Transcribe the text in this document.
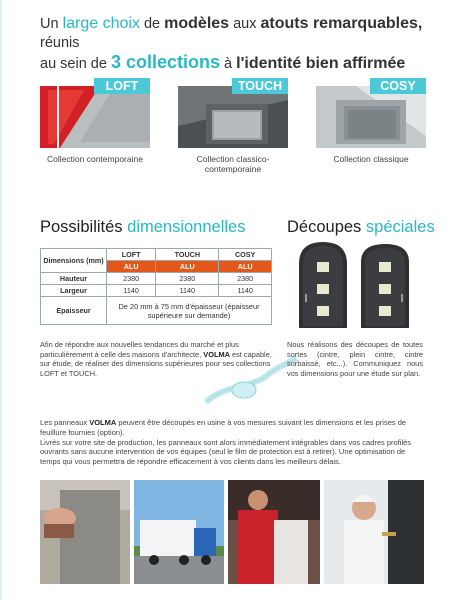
Un large choix de modèles aux atouts remarquables, réunis
au sein de 3 collections à l'identité bien affirmée
LOFT
Collection contemporaine
TOUCH
Collection classico-contemporaine
COSY
Collection classique
Possibilités dimensionnelles	Découpes spéciales
Dimensions (mm)	LOFT	TOUCH	COSY
	ALU	ALU	ALU
Hauteur	2380	2380	2380
Largeur	1140	1140	1140
Epaisseur	De 20 mm à 75 mm d'épaisseur (épaisseur supérieure sur demande)		
Afin de répondre aux nouvelles tendances du marché et plus particulièrement à celle des maisons d'architecte, VOLMA est capable, sur étude, de réaliser des dimensions supérieures pour ses collections LOFT et TOUCH.
Nous réalisons des découpes de toutes sortes (cintre, plein cintre, cintre surbaissé, etc...). Communiquez nous vos dimensions pour une étude sur plan.
Les panneaux VOLMA peuvent être découpés en usine à vos mesures suivant les dimensions et les prises de feuillure fournies (option).
Livrés sur votre site de production, les panneaux sont alors immédiatement intégrables dans vos cadres profilés ouvrants sans aucune intervention de vos équipes (seul le film de protection est à retirer). Une optimisation de temps qui vous permettra de répondre efficacement à vos clients dans les meilleurs délais.
